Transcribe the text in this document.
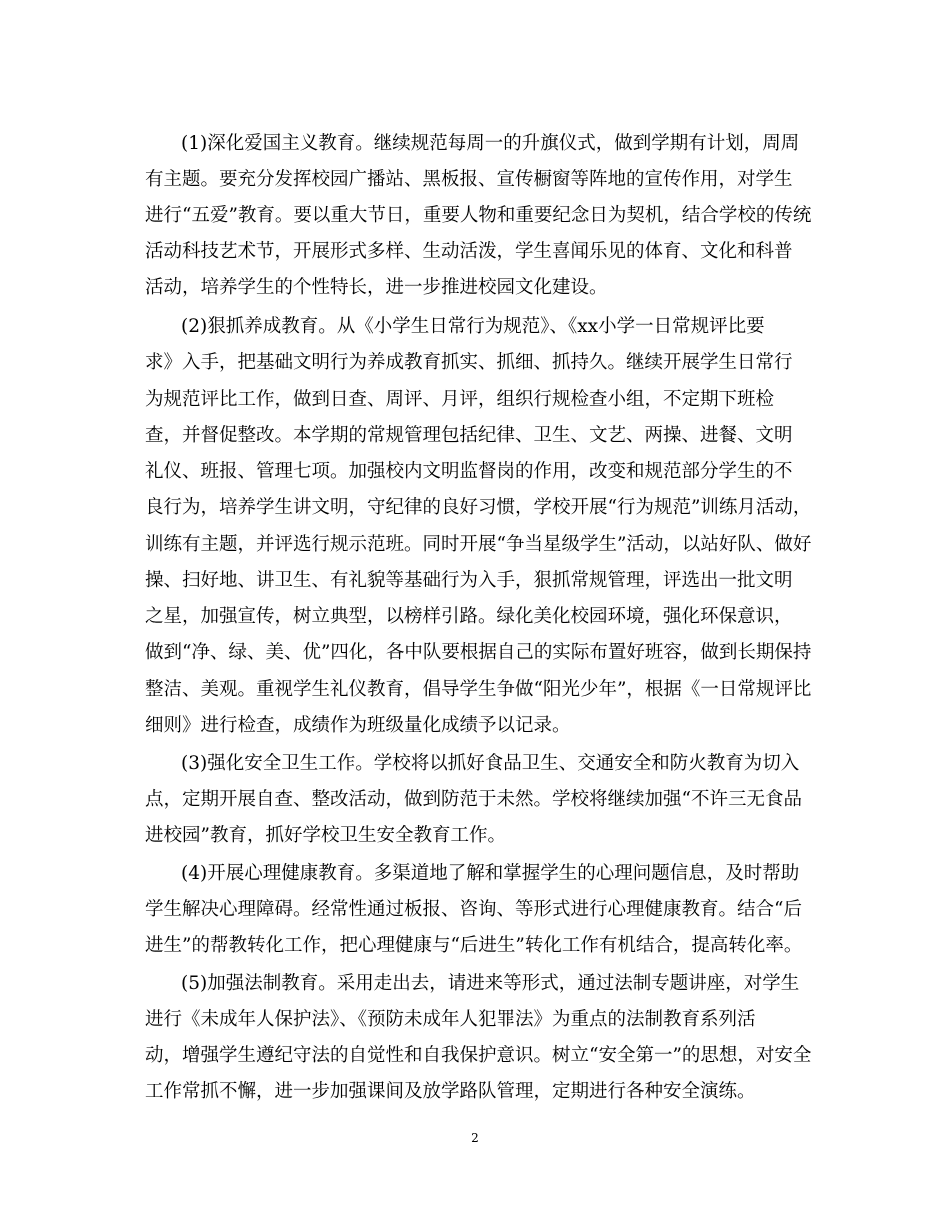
(1)深化爱国主义教育。继续规范每周一的升旗仪式，做到学期有计划，周周
有主题。要充分发挥校园广播站、黑板报、宣传橱窗等阵地的宣传作用，对学生
进行“五爱”教育。要以重大节日，重要人物和重要纪念日为契机，结合学校的传统
活动科技艺术节，开展形式多样、生动活泼，学生喜闻乐见的体育、文化和科普
活动，培养学生的个性特长，进一步推进校园文化建设。
(2)狠抓养成教育。从《小学生日常行为规范》、《xx小学一日常规评比要
求》入手，把基础文明行为养成教育抓实、抓细、抓持久。继续开展学生日常行
为规范评比工作，做到日查、周评、月评，组织行规检查小组，不定期下班检
查，并督促整改。本学期的常规管理包括纪律、卫生、文艺、两操、进餐、文明
礼仪、班报、管理七项。加强校内文明监督岗的作用，改变和规范部分学生的不
良行为，培养学生讲文明，守纪律的良好习惯，学校开展“行为规范”训练月活动，
训练有主题，并评选行规示范班。同时开展“争当星级学生”活动，以站好队、做好
操、扫好地、讲卫生、有礼貌等基础行为入手，狠抓常规管理，评选出一批文明
之星，加强宣传，树立典型，以榜样引路。绿化美化校园环境，强化环保意识，
做到“净、绿、美、优”四化，各中队要根据自己的实际布置好班容，做到长期保持
整洁、美观。重视学生礼仪教育，倡导学生争做“阳光少年”，根据《一日常规评比
细则》进行检查，成绩作为班级量化成绩予以记录。
(3)强化安全卫生工作。学校将以抓好食品卫生、交通安全和防火教育为切入
点，定期开展自查、整改活动，做到防范于未然。学校将继续加强“不许三无食品
进校园”教育，抓好学校卫生安全教育工作。
(4)开展心理健康教育。多渠道地了解和掌握学生的心理问题信息，及时帮助
学生解决心理障碍。经常性通过板报、咨询、等形式进行心理健康教育。结合“后
进生”的帮教转化工作，把心理健康与“后进生”转化工作有机结合，提高转化率。
(5)加强法制教育。采用走出去，请进来等形式，通过法制专题讲座，对学生
进行《未成年人保护法》、《预防未成年人犯罪法》为重点的法制教育系列活
动，增强学生遵纪守法的自觉性和自我保护意识。树立“安全第一”的思想，对安全
工作常抓不懈，进一步加强课间及放学路队管理，定期进行各种安全演练。
2
